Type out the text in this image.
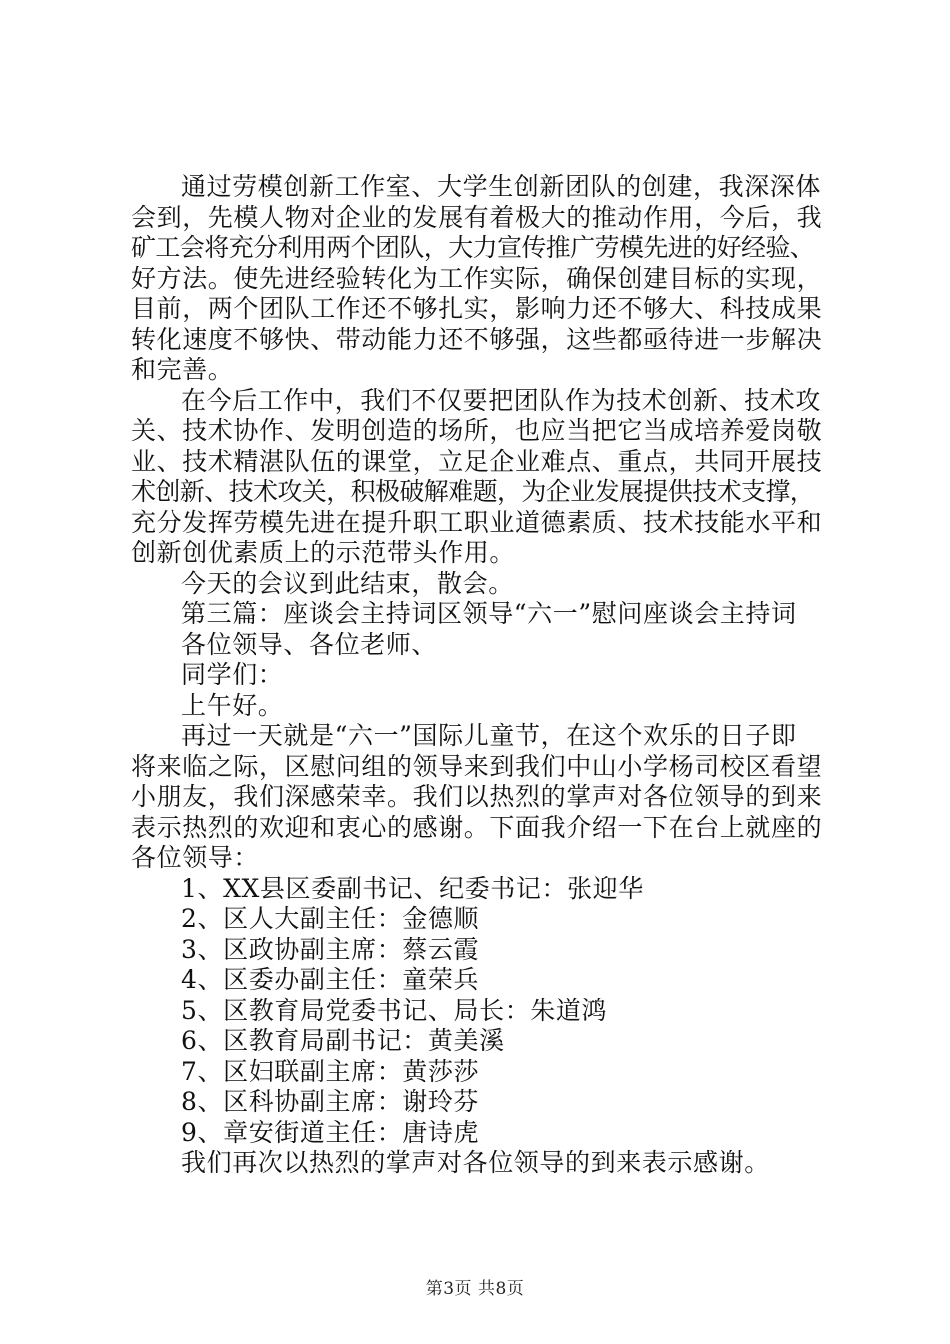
通过劳模创新工作室、大学生创新团队的创建，我深深体
会到，先模人物对企业的发展有着极大的推动作用，今后，我
矿工会将充分利用两个团队，大力宣传推广劳模先进的好经验、
好方法。使先进经验转化为工作实际，确保创建目标的实现，
目前，两个团队工作还不够扎实，影响力还不够大、科技成果
转化速度不够快、带动能力还不够强，这些都亟待进一步解决
和完善。
在今后工作中，我们不仅要把团队作为技术创新、技术攻
关、技术协作、发明创造的场所，也应当把它当成培养爱岗敬
业、技术精湛队伍的课堂，立足企业难点、重点，共同开展技
术创新、技术攻关，积极破解难题，为企业发展提供技术支撑，
充分发挥劳模先进在提升职工职业道德素质、技术技能水平和
创新创优素质上的示范带头作用。
今天的会议到此结束，散会。
第三篇：座谈会主持词区领导“六一”慰问座谈会主持词
各位领导、各位老师、
同学们：
上午好。
再过一天就是“六一”国际儿童节，在这个欢乐的日子即
将来临之际，区慰问组的领导来到我们中山小学杨司校区看望
小朋友，我们深感荣幸。我们以热烈的掌声对各位领导的到来
表示热烈的欢迎和衷心的感谢。下面我介绍一下在台上就座的
各位领导：
1、XX县区委副书记、纪委书记：张迎华
2、区人大副主任：金德顺
3、区政协副主席：蔡云霞
4、区委办副主任：童荣兵
5、区教育局党委书记、局长：朱道鸿
6、区教育局副书记：黄美溪
7、区妇联副主席：黄莎莎
8、区科协副主席：谢玲芬
9、章安街道主任：唐诗虎
我们再次以热烈的掌声对各位领导的到来表示感谢。
第3页 共8页
